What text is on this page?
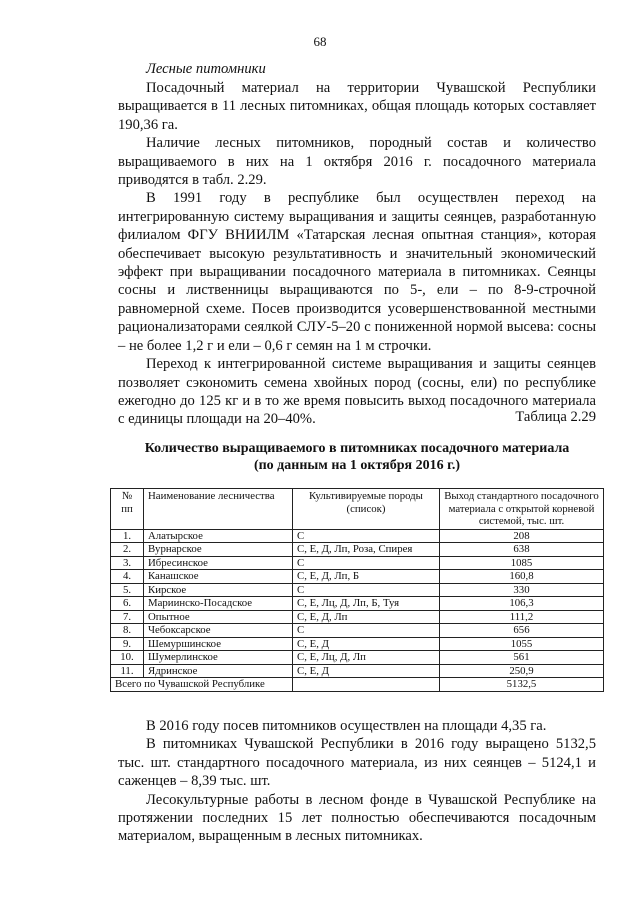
68
Лесные питомники

Посадочный материал на территории Чувашской Республики выращивается в 11 лесных питомниках, общая площадь которых составляет 190,36 га.

Наличие лесных питомников, породный состав и количество выращиваемого в них на 1 октября 2016 г. посадочного материала приводятся в табл. 2.29.

В 1991 году в республике был осуществлен переход на интегрированную систему выращивания и защиты сеянцев, разработанную филиалом ФГУ ВНИИЛМ «Татарская лесная опытная станция», которая обеспечивает высокую результативность и значительный экономический эффект при выращивании посадочного материала в питомниках. Сеянцы сосны и лиственницы выращиваются по 5-, ели – по 8-9-строчной равномерной схеме. Посев производится усовершенствованной местными рационализаторами сеялкой СЛУ-5–20 с пониженной нормой высева: сосны – не более 1,2 г и ели – 0,6 г семян на 1 м строчки.

Переход к интегрированной системе выращивания и защиты сеянцев позволяет сэкономить семена хвойных пород (сосны, ели) по республике ежегодно до 125 кг и в то же время повысить выход посадочного материала с единицы площади на 20–40%.	Таблица 2.29
Количество выращиваемого в питомниках посадочного материала
(по данным на 1 октября 2016 г.)
№ пп	Наименование лесничества	Культивируемые породы (список)	Выход стандартного посадочного материала с открытой корневой системой, тыс. шт.
1.	Алатырское	С	208
2.	Вурнарское	С, Е, Д, Лп, Роза, Спирея	638
3.	Ибресинское	С	1085
4.	Канашское	С, Е, Д, Лп, Б	160,8
5.	Кирское	С	330
6.	Мариинско-Посадское	С, Е, Лц, Д, Лп, Б, Туя	106,3
7.	Опытное	С, Е, Д, Лп	111,2
8.	Чебоксарское	С	656
9.	Шемуршинское	С, Е, Д	1055
10.	Шумерлинское	С, Е, Лц, Д, Лп	561
11.	Ядринское	С, Е, Д	250,9
Всего по Чувашской Республике			5132,5

В 2016 году посев питомников осуществлен на площади 4,35 га.

В питомниках Чувашской Республики в 2016 году выращено 5132,5 тыс. шт. стандартного посадочного материала, из них сеянцев – 5124,1 и саженцев – 8,39 тыс. шт.

Лесокультурные работы в лесном фонде в Чувашской Республике на протяжении последних 15 лет полностью обеспечиваются посадочным материалом, выращенным в лесных питомниках.
